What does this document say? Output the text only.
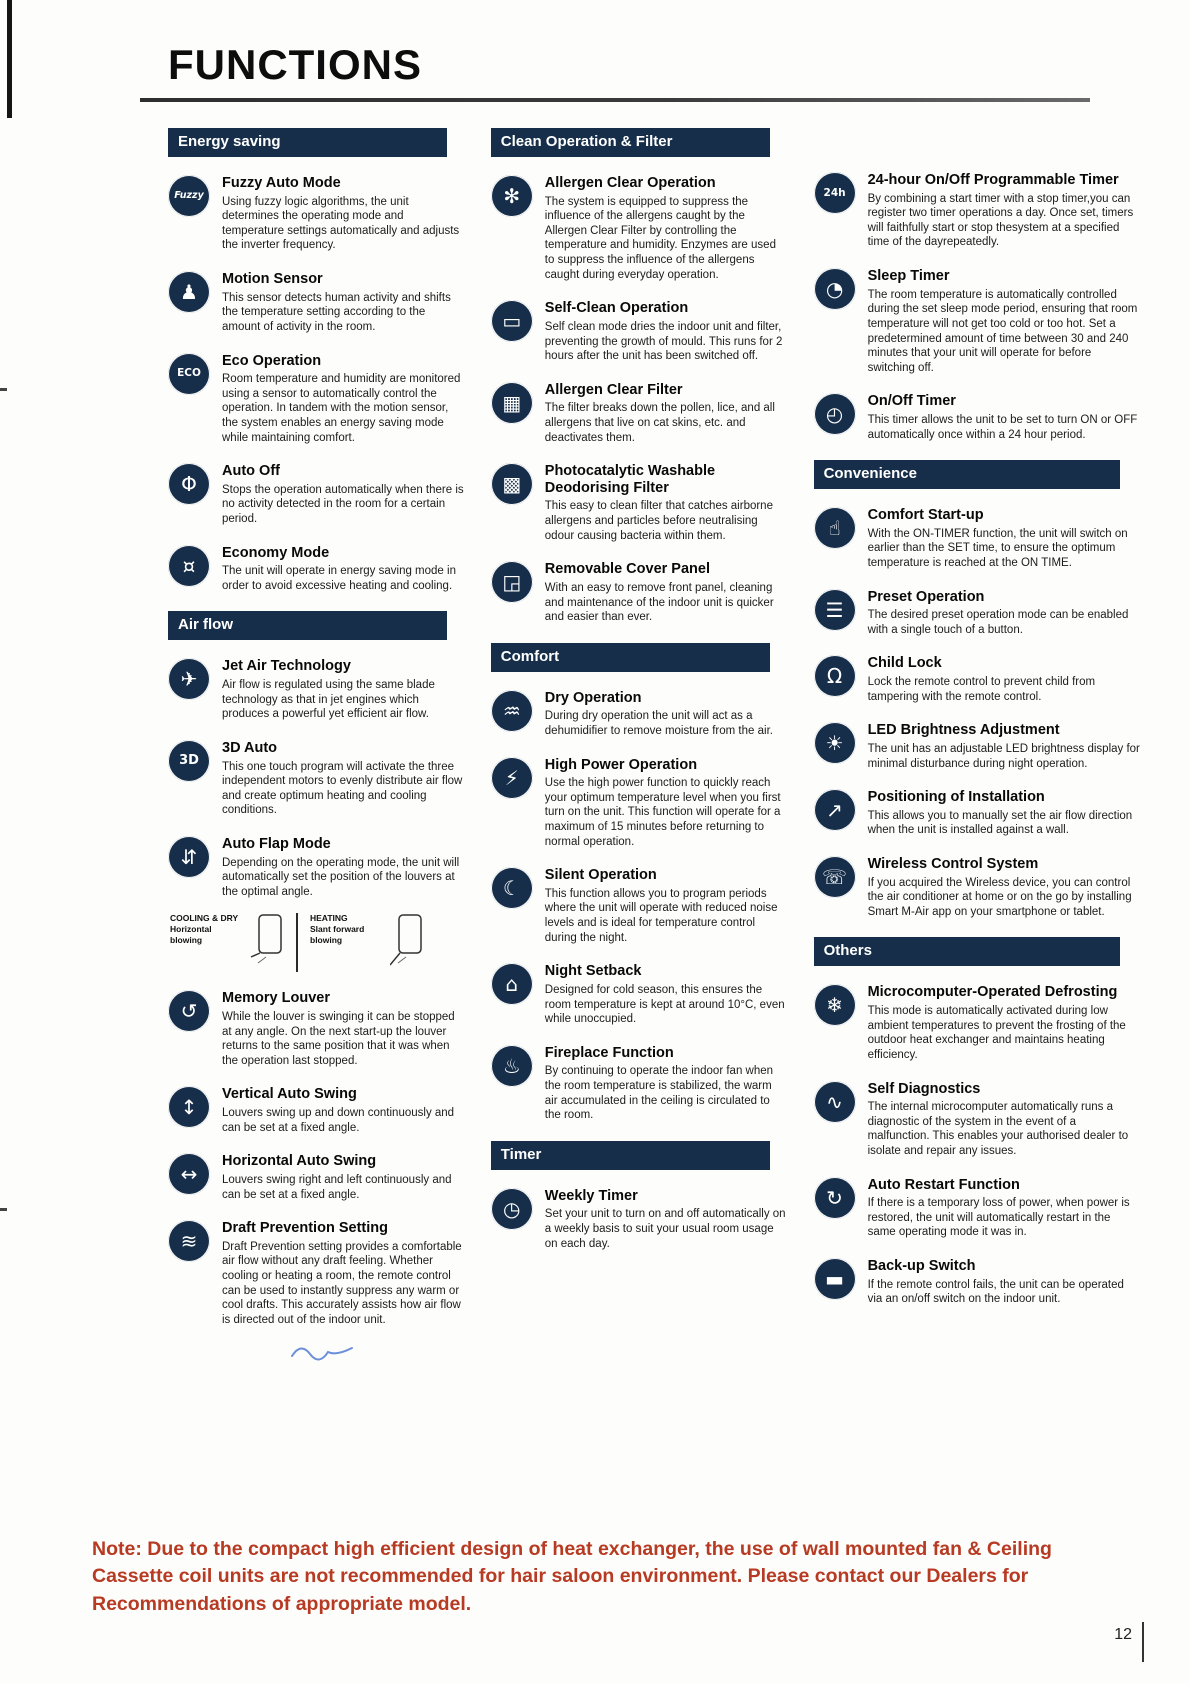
FUNCTIONS
Energy saving
Fuzzy
Fuzzy Auto Mode
Using fuzzy logic algorithms, the unit determines the operating mode and temperature settings automatically and adjusts the inverter frequency.
♟
Motion Sensor
This sensor detects human activity and shifts the temperature setting according to the amount of activity in the room.
ECO
Eco Operation
Room temperature and humidity are monitored using a sensor to automatically control the operation. In tandem with the motion sensor, the system enables an energy saving mode while maintaining comfort.
Φ
Auto Off
Stops the operation automatically when there is no activity detected in the room for a certain period.
¤
Economy Mode
The unit will operate in energy saving mode in order to avoid excessive heating and cooling.
Air flow
✈
Jet Air Technology
Air flow is regulated using the same blade technology as that in jet engines which produces a powerful yet efficient air flow.
3D
3D Auto
This one touch program will activate the three independent motors to evenly distribute air flow and create optimum heating and cooling conditions.
⇵
Auto Flap Mode
Depending on the operating mode, the unit will automatically set the position of the louvers at the optimal angle.
COOLING & DRY
Horizontal blowing
HEATING
Slant forward blowing
↺
Memory Louver
While the louver is swinging it can be stopped at any angle. On the next start-up the louver returns to the same position that it was when the operation last stopped.
↕
Vertical Auto Swing
Louvers swing up and down continuously and can be set at a fixed angle.
↔
Horizontal Auto Swing
Louvers swing right and left continuously and can be set at a fixed angle.
≋
Draft Prevention Setting
Draft Prevention setting provides a comfortable air flow without any draft feeling. Whether cooling or heating a room, the remote control can be used to instantly suppress any warm or cool drafts. This accurately assists how air flow is directed out of the indoor unit.
Clean Operation & Filter
✻
Allergen Clear Operation
The system is equipped to suppress the influence of the allergens caught by the Allergen Clear Filter by controlling the temperature and humidity. Enzymes are used to suppress the influence of the allergens caught during everyday operation.
▭
Self-Clean Operation
Self clean mode dries the indoor unit and filter, preventing the growth of mould. This runs for 2 hours after the unit has been switched off.
▦
Allergen Clear Filter
The filter breaks down the pollen, lice, and all allergens that live on cat skins, etc. and deactivates them.
▩
Photocatalytic Washable Deodorising Filter
This easy to clean filter that catches airborne allergens and particles before neutralising odour causing bacteria within them.
◲
Removable Cover Panel
With an easy to remove front panel, cleaning and maintenance of the indoor unit is quicker and easier than ever.
Comfort
♒
Dry Operation
During dry operation the unit will act as a dehumidifier to remove moisture from the air.
⚡
High Power Operation
Use the high power function to quickly reach your optimum temperature level when you first turn on the unit. This function will operate for a maximum of 15 minutes before returning to normal operation.
☾
Silent Operation
This function allows you to program periods where the unit will operate with reduced noise levels and is ideal for temperature control during the night.
⌂
Night Setback
Designed for cold season, this ensures the room temperature is kept at around 10°C, even while unoccupied.
♨
Fireplace Function
By continuing to operate the indoor fan when the room temperature is stabilized, the warm air accumulated in the ceiling is circulated to the room.
Timer
◷
Weekly Timer
Set your unit to turn on and off automatically on a weekly basis to suit your usual room usage on each day.
24h
24-hour On/Off Programmable Timer
By combining a start timer with a stop timer,you can register two timer operations a day. Once set, timers will faithfully start or stop thesystem at a specified time of the dayrepeatedly.
◔
Sleep Timer
The room temperature is automatically controlled during the set sleep mode period, ensuring that room temperature will not get too cold or too hot. Set a predetermined amount of time between 30 and 240 minutes that your unit will operate for before switching off.
◴
On/Off Timer
This timer allows the unit to be set to turn ON or OFF automatically once within a 24 hour period.
Convenience
☝
Comfort Start-up
With the ON-TIMER function, the unit will switch on earlier than the SET time, to ensure the optimum temperature is reached at the ON TIME.
☰
Preset Operation
The desired preset operation mode can be enabled with a single touch of a button.
Ω
Child Lock
Lock the remote control to prevent child from tampering with the remote control.
☀
LED Brightness Adjustment
The unit has an adjustable LED brightness display for minimal disturbance during night operation.
↗
Positioning of Installation
This allows you to manually set the air flow direction when the unit is installed against a wall.
☏
Wireless Control System
If you acquired the Wireless device, you can control the air conditioner at home or on the go by installing Smart M-Air app on your smartphone or tablet.
Others
❄
Microcomputer-Operated Defrosting
This mode is automatically activated during low ambient temperatures to prevent the frosting of the outdoor heat exchanger and maintains heating efficiency.
∿
Self Diagnostics
The internal microcomputer automatically runs a diagnostic of the system in the event of a malfunction. This enables your authorised dealer to isolate and repair any issues.
↻
Auto Restart Function
If there is a temporary loss of power, when power is restored, the unit will automatically restart in the same operating mode it was in.
▬
Back-up Switch
If the remote control fails, the unit can be operated via an on/off switch on the indoor unit.
Note: Due to the compact high efficient design of heat exchanger, the use of wall mounted fan & Ceiling Cassette coil units are not recommended for hair saloon environment. Please contact our Dealers for Recommendations of appropriate model.
12
